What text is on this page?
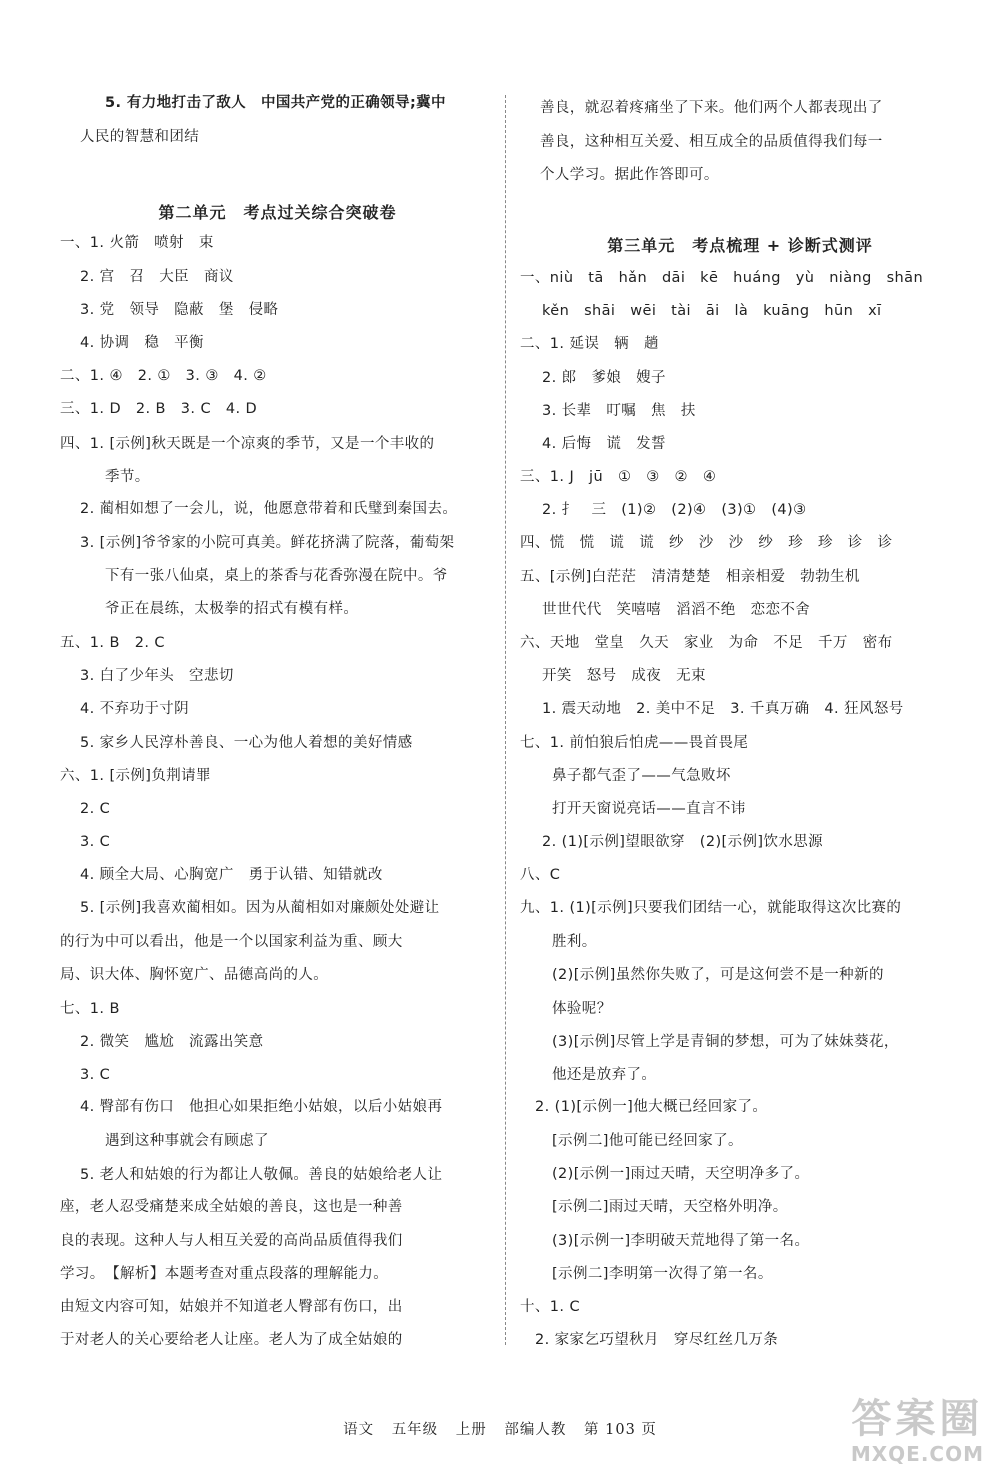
5. 有力地打击了敌人　中国共产党的正确领导;冀中
人民的智慧和团结
第二单元　考点过关综合突破卷
一、1. 火箭　喷射　束
2. 宫　召　大臣　商议
3. 党　领导　隐蔽　堡　侵略
4. 协调　稳　平衡
二、1. ④　2. ①　3. ③　4. ②
三、1. D　2. B　3. C　4. D
四、1. [示例]秋天既是一个凉爽的季节，又是一个丰收的
季节。
2. 蔺相如想了一会儿，说，他愿意带着和氏璧到秦国去。
3. [示例]爷爷家的小院可真美。鲜花挤满了院落，葡萄架
下有一张八仙桌，桌上的茶香与花香弥漫在院中。爷
爷正在晨练，太极拳的招式有模有样。
五、1. B　2. C
3. 白了少年头　空悲切
4. 不弃功于寸阴
5. 家乡人民淳朴善良、一心为他人着想的美好情感
六、1. [示例]负荆请罪
2. C
3. C
4. 顾全大局、心胸宽广　勇于认错、知错就改
5. [示例]我喜欢蔺相如。因为从蔺相如对廉颇处处避让
的行为中可以看出，他是一个以国家利益为重、顾大
局、识大体、胸怀宽广、品德高尚的人。
七、1. B
2. 微笑　尴尬　流露出笑意
3. C
4. 臀部有伤口　他担心如果拒绝小姑娘，以后小姑娘再
遇到这种事就会有顾虑了
5. 老人和姑娘的行为都让人敬佩。善良的姑娘给老人让
座，老人忍受痛楚来成全姑娘的善良，这也是一种善
良的表现。这种人与人相互关爱的高尚品质值得我们
学习。　【解析】本题考查对重点段落的理解能力。
由短文内容可知，姑娘并不知道老人臀部有伤口，出
于对老人的关心要给老人让座。老人为了成全姑娘的
善良，就忍着疼痛坐了下来。他们两个人都表现出了
善良，这种相互关爱、相互成全的品质值得我们每一
个人学习。据此作答即可。
第三单元　考点梳理 + 诊断式测评
一、niù　tā　hǎn　dāi　kē　huáng　yù　niàng　shān
kěn　shāi　wēi　tài　āi　là　kuāng　hūn　xī
二、1. 延误　辆　趟
2. 郎　爹娘　嫂子
3. 长辈　叮嘱　焦　扶
4. 后悔　谎　发誓
三、1. J　jū　①　③　②　④
2. 扌　三　(1)②　(2)④　(3)①　(4)③
四、慌　慌　谎　谎　纱　沙　沙　纱　珍　珍　诊　诊
五、[示例]白茫茫　清清楚楚　相亲相爱　勃勃生机
世世代代　笑嘻嘻　滔滔不绝　恋恋不舍
六、天地　堂皇　久天　家业　为命　不足　千万　密布
开笑　怒号　成夜　无束
1. 震天动地　2. 美中不足　3. 千真万确　4. 狂风怒号
七、1. 前怕狼后怕虎——畏首畏尾
鼻子都气歪了——气急败坏
打开天窗说亮话——直言不讳
2. (1)[示例]望眼欲穿　(2)[示例]饮水思源
八、C
九、1. (1)[示例]只要我们团结一心，就能取得这次比赛的
胜利。
(2)[示例]虽然你失败了，可是这何尝不是一种新的
体验呢？
(3)[示例]尽管上学是青铜的梦想，可为了妹妹葵花，
他还是放弃了。
2. (1)[示例一]他大概已经回家了。
[示例二]他可能已经回家了。
(2)[示例一]雨过天晴，天空明净多了。
[示例二]雨过天晴，天空格外明净。
(3)[示例一]李明破天荒地得了第一名。
[示例二]李明第一次得了第一名。
十、1. C
2. 家家乞巧望秋月　穿尽红丝几万条
语文 五年级 上册 部编人教 第 103 页	答案圈
MXQE.COM
